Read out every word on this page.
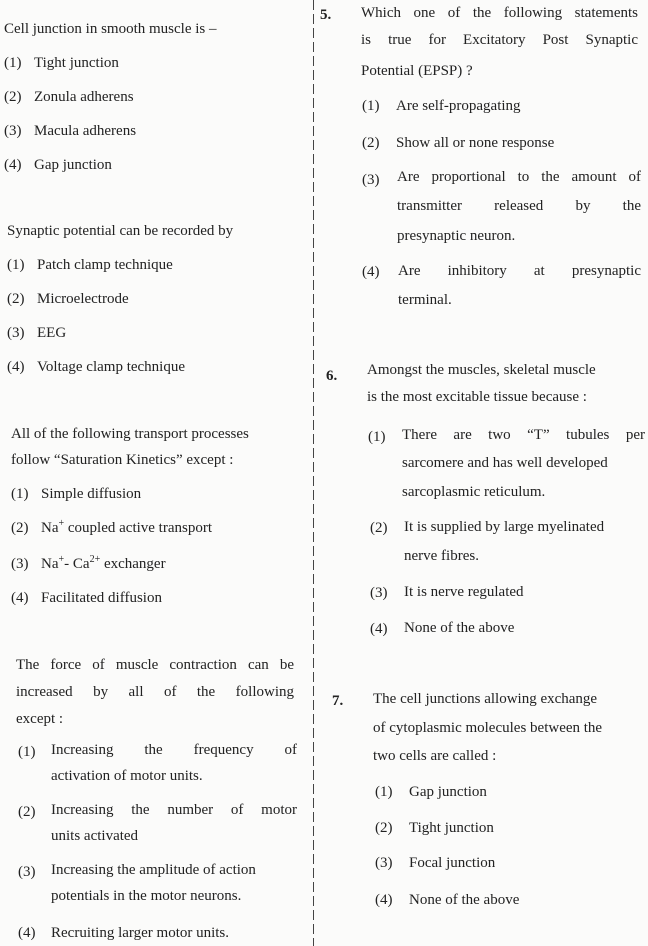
Cell junction in smooth muscle is –
(1) Tight junction
(2) Zonula adherens
(3) Macula adherens
(4) Gap junction
Synaptic potential can be recorded by
(1) Patch clamp technique
(2) Microelectrode
(3) EEG
(4) Voltage clamp technique
All of the following transport processes
follow “Saturation Kinetics” except :
(1) Simple diffusion
(2) Na+ coupled active transport
(3) Na+- $Ca^{2+}$ exchanger
(4) Facilitated diffusion
The force of muscle contraction can be
increased by all of the following
except :
(1) Increasing the frequency of
activation of motor units.
(2) Increasing the number of motor
units activated
(3) Increasing the amplitude of action
potentials in the motor neurons.
(4) Recruiting larger motor units.
5. Which one of the following statements
is true for Excitatory Post Synaptic
Potential (EPSP) ?
(1) Are self-propagating
(2) Show all or none response
(3) Are proportional to the amount of
transmitter released by the
presynaptic neuron.
(4) Are inhibitory at presynaptic
terminal.
6. Amongst the muscles, skeletal muscle
is the most excitable tissue because :
(1) There are two “T” tubules per
sarcomere and has well developed
sarcoplasmic reticulum.
(2) It is supplied by large myelinated
nerve fibres.
(3) It is nerve regulated
(4) None of the above
7. The cell junctions allowing exchange
of cytoplasmic molecules between the
two cells are called :
(1) Gap junction
(2) Tight junction
(3) Focal junction
(4) None of the above
